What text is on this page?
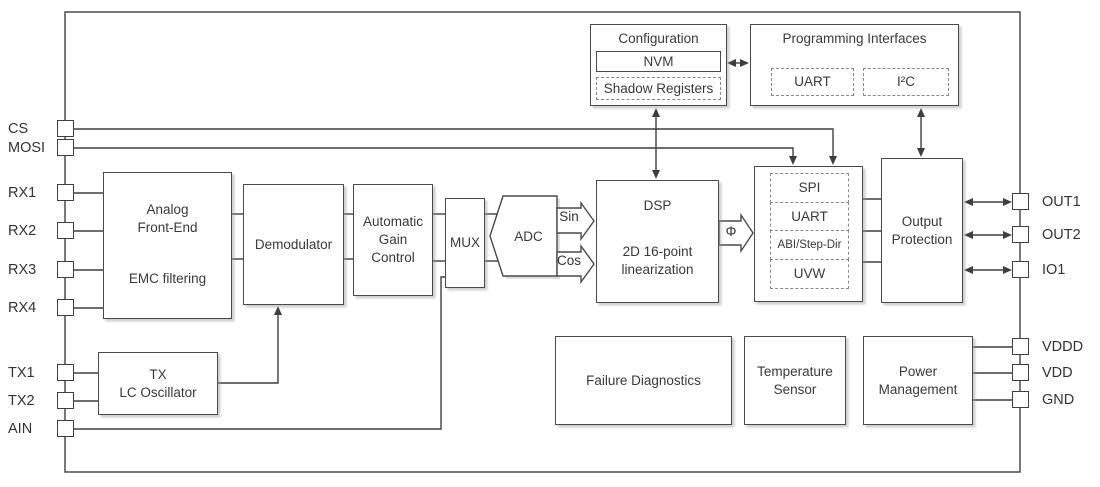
Analog
Front-End
EMC filtering
Demodulator
Automatic Gain Control
MUX	ADC
DSP
2D 16-point linearization
Configuration
NVM
Shadow Registers
Programming Interfaces
UART	I²C
SPI
UART
ABI/Step-Dir
UVW
Output Protection
TX
LC Oscillator
Failure Diagnostics
Temperature Sensor
Power Management
Sin
Cos
Φ
CS
MOSI
RX1
RX2
RX3
RX4
TX1
TX2
AIN
OUT1
OUT2
IO1
VDDD
VDD
GND
